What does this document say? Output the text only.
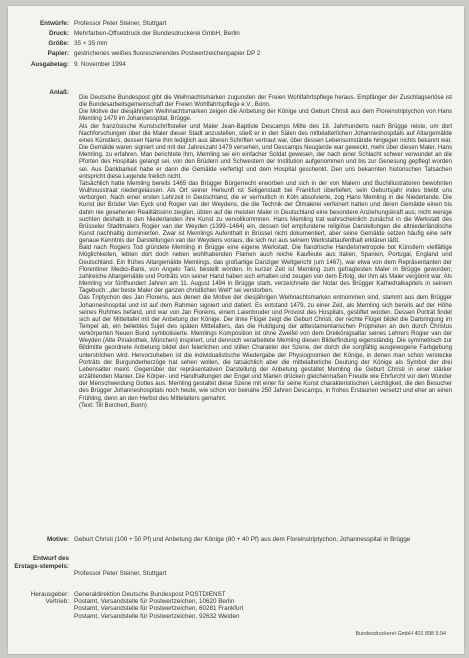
Entwürfe: Professor Peter Steiner, Stuttgart
Druck: Mehrfarben-Offsetdruck der Bundesdruckerei GmbH, Berlin
Größe: 35 × 35 mm
Papier: gestrichenes weißes fluoreszierendes Postwertzeichenpapier DP 2
Ausgabetag: 9. November 1994
Anlaß:

Die Deutsche Bundespost gibt die Weihnachtsmarken zugunsten der Freien Wohlfahrtspflege heraus. Empfänger der Zuschlagserlöse ist die Bundesarbeitsgemeinschaft der Freien Wohlfahrtspflege e.V., Bonn.

Die Motive der diesjährigen Weihnachtsmarken zeigen die Anbetung der Könige und Geburt Christi aus dem Floreinstriptychon von Hans Memling 1479 im Johannesspital, Brügge.

Als der französische Kunstschriftsteller und Maler Jean-Baptiste Descamps Mitte des 18. Jahrhunderts nach Brügge reiste, um dort Nachforschungen über die Maler dieser Stadt anzustellen, stieß er in den Sälen des mittelalterlichen Johanneshospitals auf Altargemälde eines Künstlers, dessen Name ihm lediglich aus älteren Schriften vertraut war, über dessen Lebensumstände hingegen nichts bekannt war. Die Gemälde waren signiert und mit der Jahreszahl 1479 versehen, und Descamps Neugierde war geweckt, mehr über diesen Maler, Hans Memling, zu erfahren. Man berichtete ihm, Memling sei ein einfacher Soldat gewesen, der nach einer Schlacht schwer verwundet an die Pforten des Hospitals gelangt sei, von den Brüdern und Schwestern der Institution aufgenommen und bis zur Genesung gepflegt worden sei. Aus Dankbarkeit habe er dann die Gemälde verfertigt und dem Hospital geschenkt. Den uns bekannten historischen Tatsachen entspricht diese Legende freilich nicht.

Tatsächlich hatte Memling bereits 1465 das Brügger Bürgerrecht erworben und sich in der von Malern und Buchillustratoren bewohnten Wulhousstraat niedergelassen. Als Ort seiner Herkunft ist Seligenstadt bei Frankfurt überliefert, sein Geburtsjahr indes bleibt uns verborgen. Nach einer ersten Lehrzeit in Deutschland, die er vermutlich in Köln absolvierte, zog Hans Memling in die Niederlande. Die Kunst der Brüder Van Eyck und Rogier van der Weydens, die die Technik der Ölmalerei verfeinert hatten und deren Gemälde einen bis dahin nie gesehenen Realitätssinn zeigten, übten auf die meisten Maler in Deutschland eine besondere Anziehungskraft aus; nicht wenige suchten deshalb in den Niederlanden ihre Kunst zu vervollkommnen. Hans Memling trat wahrscheinlich zunächst in die Werkstatt des Brüsseler Stadtmalers Rogier van der Weyden (1399–1464) ein, dessen tief empfundene religiöse Darstellungen die altniederländische Kunst nachhaltig dominierten. Zwar ist Memlings Aufenthalt in Brüssel nicht dokumentiert, aber seine Gemälde setzen häufig eine sehr genaue Kenntnis der Darstellungen van der Weydens voraus, die sich nur aus seinem Werkstattaufenthalt erklären läßt.

Bald nach Rogiers Tod gründete Memling in Brügge eine eigene Werkstatt. Die flandrische Handelsmetropole bot Künstlern vielfältige Möglichkeiten, lebten dort doch neben wohlhabenden Flamen auch reiche Kaufleute aus Italien, Spanien, Portugal, England und Deutschland. Ein frühes Altargemälde Memlings, das großartige Danziger Weltgericht (um 1467), war etwa von dem Repräsentanten der Florentiner Medici-Bank, von Angelo Tani, bestellt worden. In kurzer Zeit ist Memling zum gefragtesten Maler in Brügge geworden; zahlreiche Altargemälde und Porträts von seiner Hand haben sich erhalten und zeugen von dem Erfolg, der ihm als Maler vergönnt war. Als Memling vor fünfhundert Jahren am 11. August 1494 in Brügge starb, verzeichnete der Notar des Brügger Kathedralkapitels in seinem Tagebuch: „der beste Maler der ganzen christlichen Welt“ sei verstorben.

Das Triptychon des Jan Floreins, aus denen die Motive der diesjährigen Weihnachtsmarken entnommen sind, stammt aus dem Brügger Johanneshospital und ist auf dem Rahmen signiert und datiert. Es entstand 1479, zu einer Zeit, als Memling sich bereits auf der Höhe seines Ruhmes befand, und war von Jan Floreins, einem Laienbruder und Provost des Hospitals, gestiftet worden. Dessen Porträt findet sich auf der Mitteltafel mit der Anbetung der Könige. Der linke Flügel zeigt die Geburt Christi, der rechte Flügel bildet die Darbringung im Tempel ab, ein beliebtes Sujet des späten Mittelalters, das die Huldigung der alttestamentarischen Propheten an den durch Christus verkörperten Neuen Bund symbolisierte. Memlings Komposition ist ohne Zweifel von dem Dreikönigsaltar seines Lehrers Rogier van der Weyden (Alte Pinakothek, München) inspiriert, und dennoch verarbeitete Memling diesen Bilderfindung eigenständig. Die symmetrisch zur Bildmitte geordnete Anbetung bildet den feierlichen und stillen Charakter der Szene, der durch die sorgfältig ausgewogene Farbgebung unterstrichen wird. Hervorzuheben ist die individualistische Wiedergabe der Physiognomien der Könige, in denen man schon verstecke Porträts der Burgunderherzöge hat sehen wollen, die tatsächlich aber die mittelalterliche Deutung der Könige als Symbol der drei Lebensalter meint. Gegenüber der repräsentativen Darstellung der Anbetung gestaltet Memling die Geburt Christi in einer stärker erzählenden Manier. Die Körper- und Handhaltungen der Engel und Marien drücken gleichermaßen Freude wie Ehrfurcht vor dem Wunder der Menschwerdung Gottes aus. Memling gestaltet diese Szene mit einer für seine Kunst charakteristischen Leichtigkeit, die den Besucher des Brügger Johanneshospitals noch heute, wie schon vor beinahe 250 Jahren Descamps, in frohes Erstaunen versetzt und eher an einen Frühling, denn an den Herbst des Mittelalters gemahnt.

(Text: Till Borchert, Bonn)

Motive: Geburt Christi (100 + 50 Pf) und Anbetung der Könige (80 + 40 Pf) aus dem Floreinstriptychon, Johannesspital in Brügge
Entwurf des Erstags-stempels:
Professor Peter Steiner, Stuttgart
Herausgeber: Generaldirektion Deutsche Bundespost POSTDIENST
Vertrieb: Postamt, Versandstelle für Postwertzeichen, 10620 Berlin
Postamt, Versandstelle für Postwertzeichen, 60281 Frankfurt
Postamt, Versandstelle für Postwertzeichen, 92632 Weiden
Bundesdruckerei GmbH 401 898 9.94
